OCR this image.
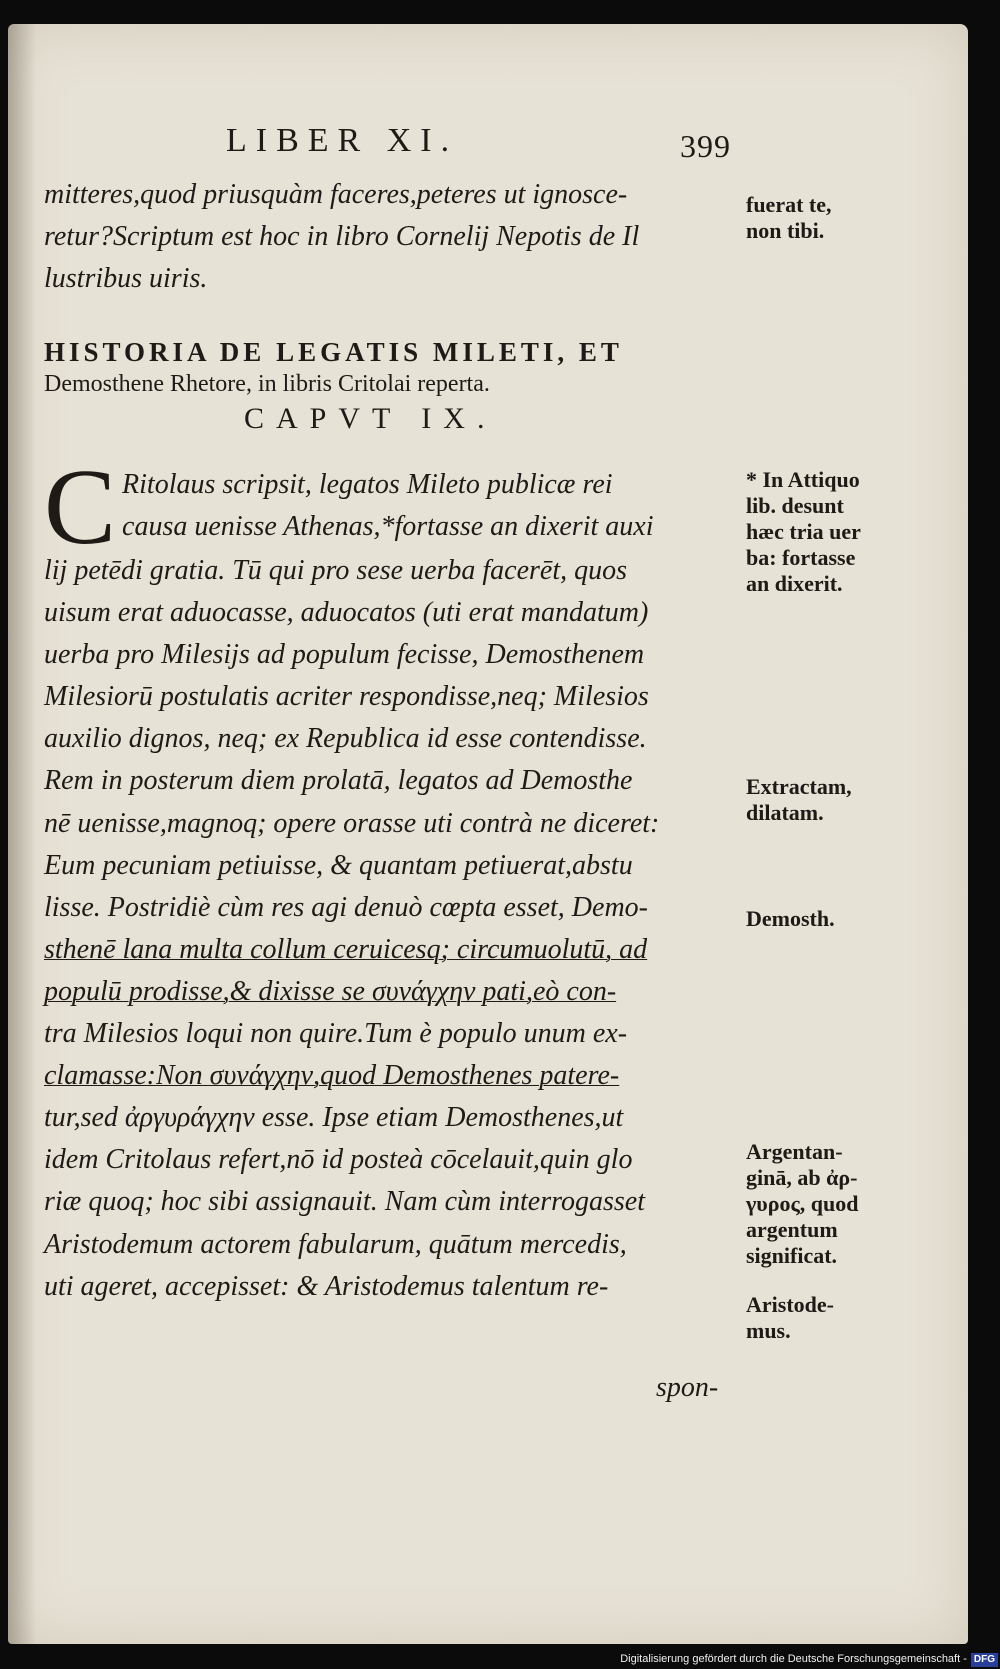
LIBER XI.	399
mitteres,quod priusquàm faceres,peteres ut ignosce-
retur?Scriptum est hoc in libro Cornelij Nepotis de Il
lustribus uiris.
HISTORIA DE LEGATIS MILETI, ET
Demosthene Rhetore, in libris Critolai reperta.
CAPVT IX.
C Ritolaus scripsit, legatos Mileto publicæ rei
causa uenisse Athenas,*fortasse an dixerit auxi
lij petēdi gratia. Tū qui pro sese uerba facerēt, quos
uisum erat aduocasse, aduocatos (uti erat mandatum)
uerba pro Milesijs ad populum fecisse, Demosthenem
Milesiorū postulatis acriter respondisse,neq; Milesios
auxilio dignos, neq; ex Republica id esse contendisse.
Rem in posterum diem prolatā, legatos ad Demosthe
nē uenisse,magnoq; opere orasse uti contrà ne diceret:
Eum pecuniam petiuisse, & quantam petiuerat,abstu
lisse. Postridiè cùm res agi denuò cœpta esset, Demo-
sthenē lana multa collum ceruicesq; circumuolutū, ad
populū prodisse,& dixisse se συνάγχην pati,eò con-
tra Milesios loqui non quire.Tum è populo unum ex-
clamasse:Non συνάγχην,quod Demosthenes patere-
tur,sed ἀργυράγχην esse. Ipse etiam Demosthenes,ut
idem Critolaus refert,nō id posteà cōcelauit,quin glo
riæ quoq; hoc sibi assignauit. Nam cùm interrogasset
Aristodemum actorem fabularum, quātum mercedis,
uti ageret, accepisset: & Aristodemus talentum re-
spon-
fuerat te,
non tibi.
* In Attiquo
lib. desunt
hæc tria uer
ba: fortasse
an dixerit.
Extractam,
dilatam.
Demosth.
Argentan-
ginā, ab ἀρ-
γυρος, quod
argentum
significat.
Aristode-
mus.
Digitalisierung gefördert durch die Deutsche Forschungsgemeinschaft - DFG
